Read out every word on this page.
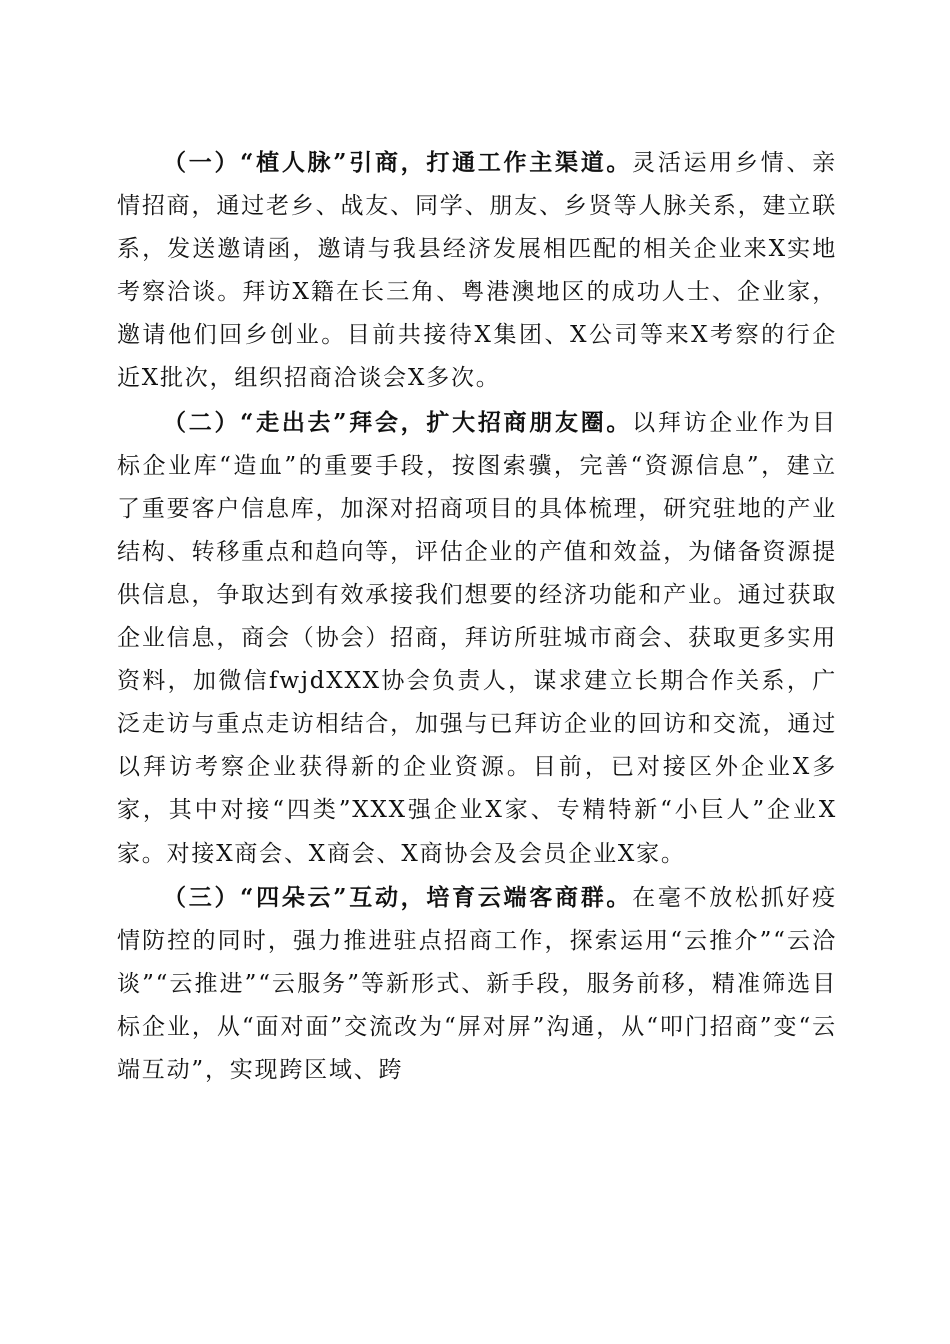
（一）“植人脉”引商，打通工作主渠道。灵活运用乡情、亲情招商，通过老乡、战友、同学、朋友、乡贤等人脉关系，建立联系，发送邀请函，邀请与我县经济发展相匹配的相关企业来X实地考察洽谈。拜访X籍在长三角、粤港澳地区的成功人士、企业家，邀请他们回乡创业。目前共接待X集团、X公司等来X考察的行企近X批次，组织招商洽谈会X多次。

（二）“走出去”拜会，扩大招商朋友圈。以拜访企业作为目标企业库“造血”的重要手段，按图索骥，完善“资源信息”，建立了重要客户信息库，加深对招商项目的具体梳理，研究驻地的产业结构、转移重点和趋向等，评估企业的产值和效益，为储备资源提供信息，争取达到有效承接我们想要的经济功能和产业。通过获取企业信息，商会（协会）招商，拜访所驻城市商会、获取更多实用资料，加微信fwjdXXX协会负责人，谋求建立长期合作关系，广泛走访与重点走访相结合，加强与已拜访企业的回访和交流，通过以拜访考察企业获得新的企业资源。目前，已对接区外企业X多家，其中对接“四类”XXX强企业X家、专精特新“小巨人”企业X家。对接X商会、X商会、X商协会及会员企业X家。

（三）“四朵云”互动，培育云端客商群。在毫不放松抓好疫情防控的同时，强力推进驻点招商工作，探索运用“云推介”“云洽谈”“云推进”“云服务”等新形式、新手段，服务前移，精准筛选目标企业，从“面对面”交流改为“屏对屏”沟通，从“叩门招商”变“云端互动”，实现跨区域、跨
